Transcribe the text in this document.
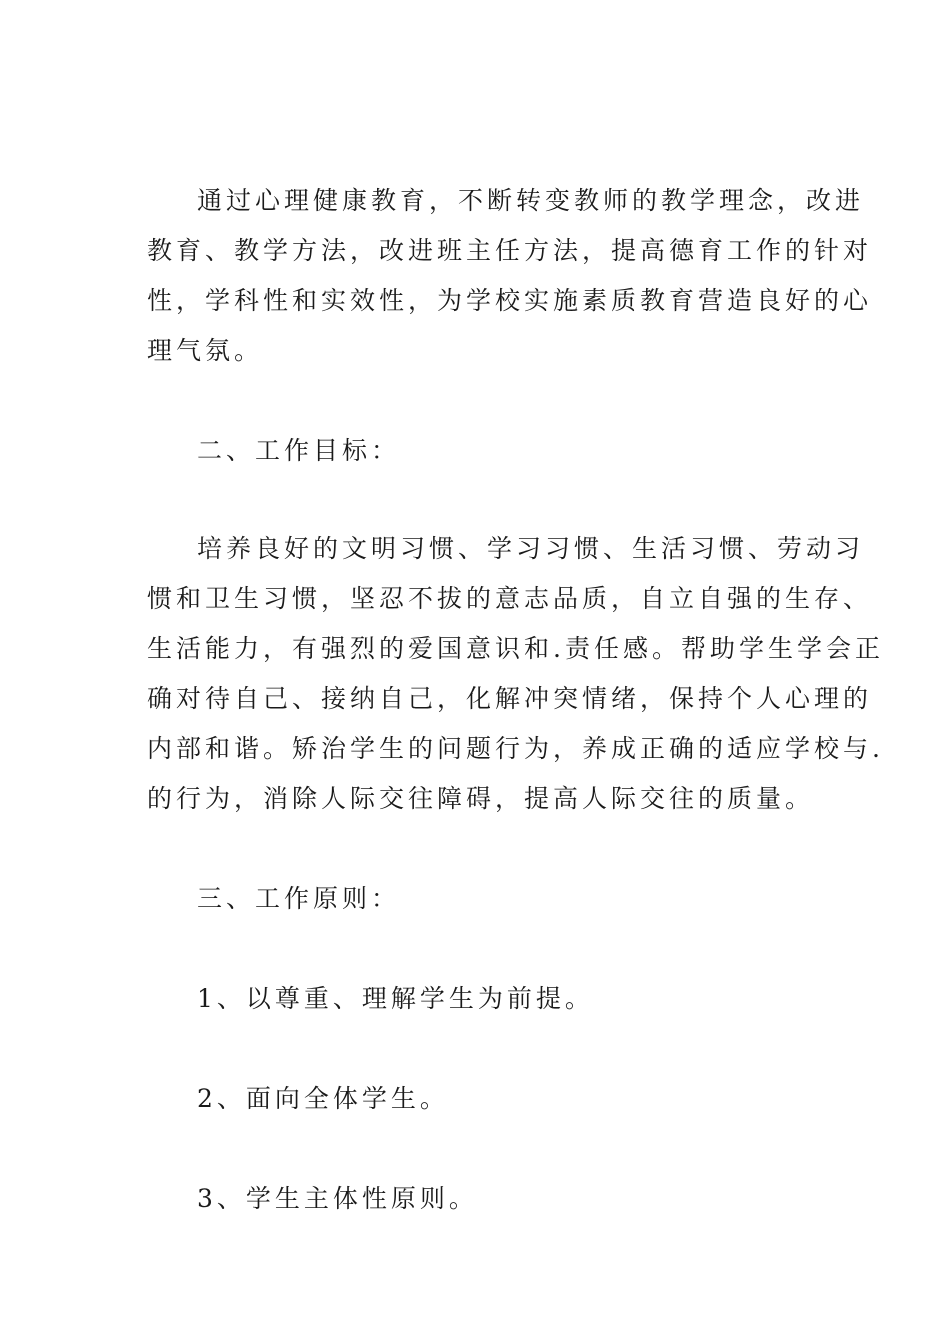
通过心理健康教育，不断转变教师的教学理念，改进
教育、教学方法，改进班主任方法，提高德育工作的针对
性，学科性和实效性，为学校实施素质教育营造良好的心
理气氛。
二、工作目标：
培养良好的文明习惯、学习习惯、生活习惯、劳动习
惯和卫生习惯，坚忍不拔的意志品质，自立自强的生存、
生活能力，有强烈的爱国意识和.责任感。帮助学生学会正
确对待自己、接纳自己，化解冲突情绪，保持个人心理的
内部和谐。矫治学生的问题行为，养成正确的适应学校与.
的行为，消除人际交往障碍，提高人际交往的质量。
三、工作原则：
1、以尊重、理解学生为前提。
2、面向全体学生。
3、学生主体性原则。
